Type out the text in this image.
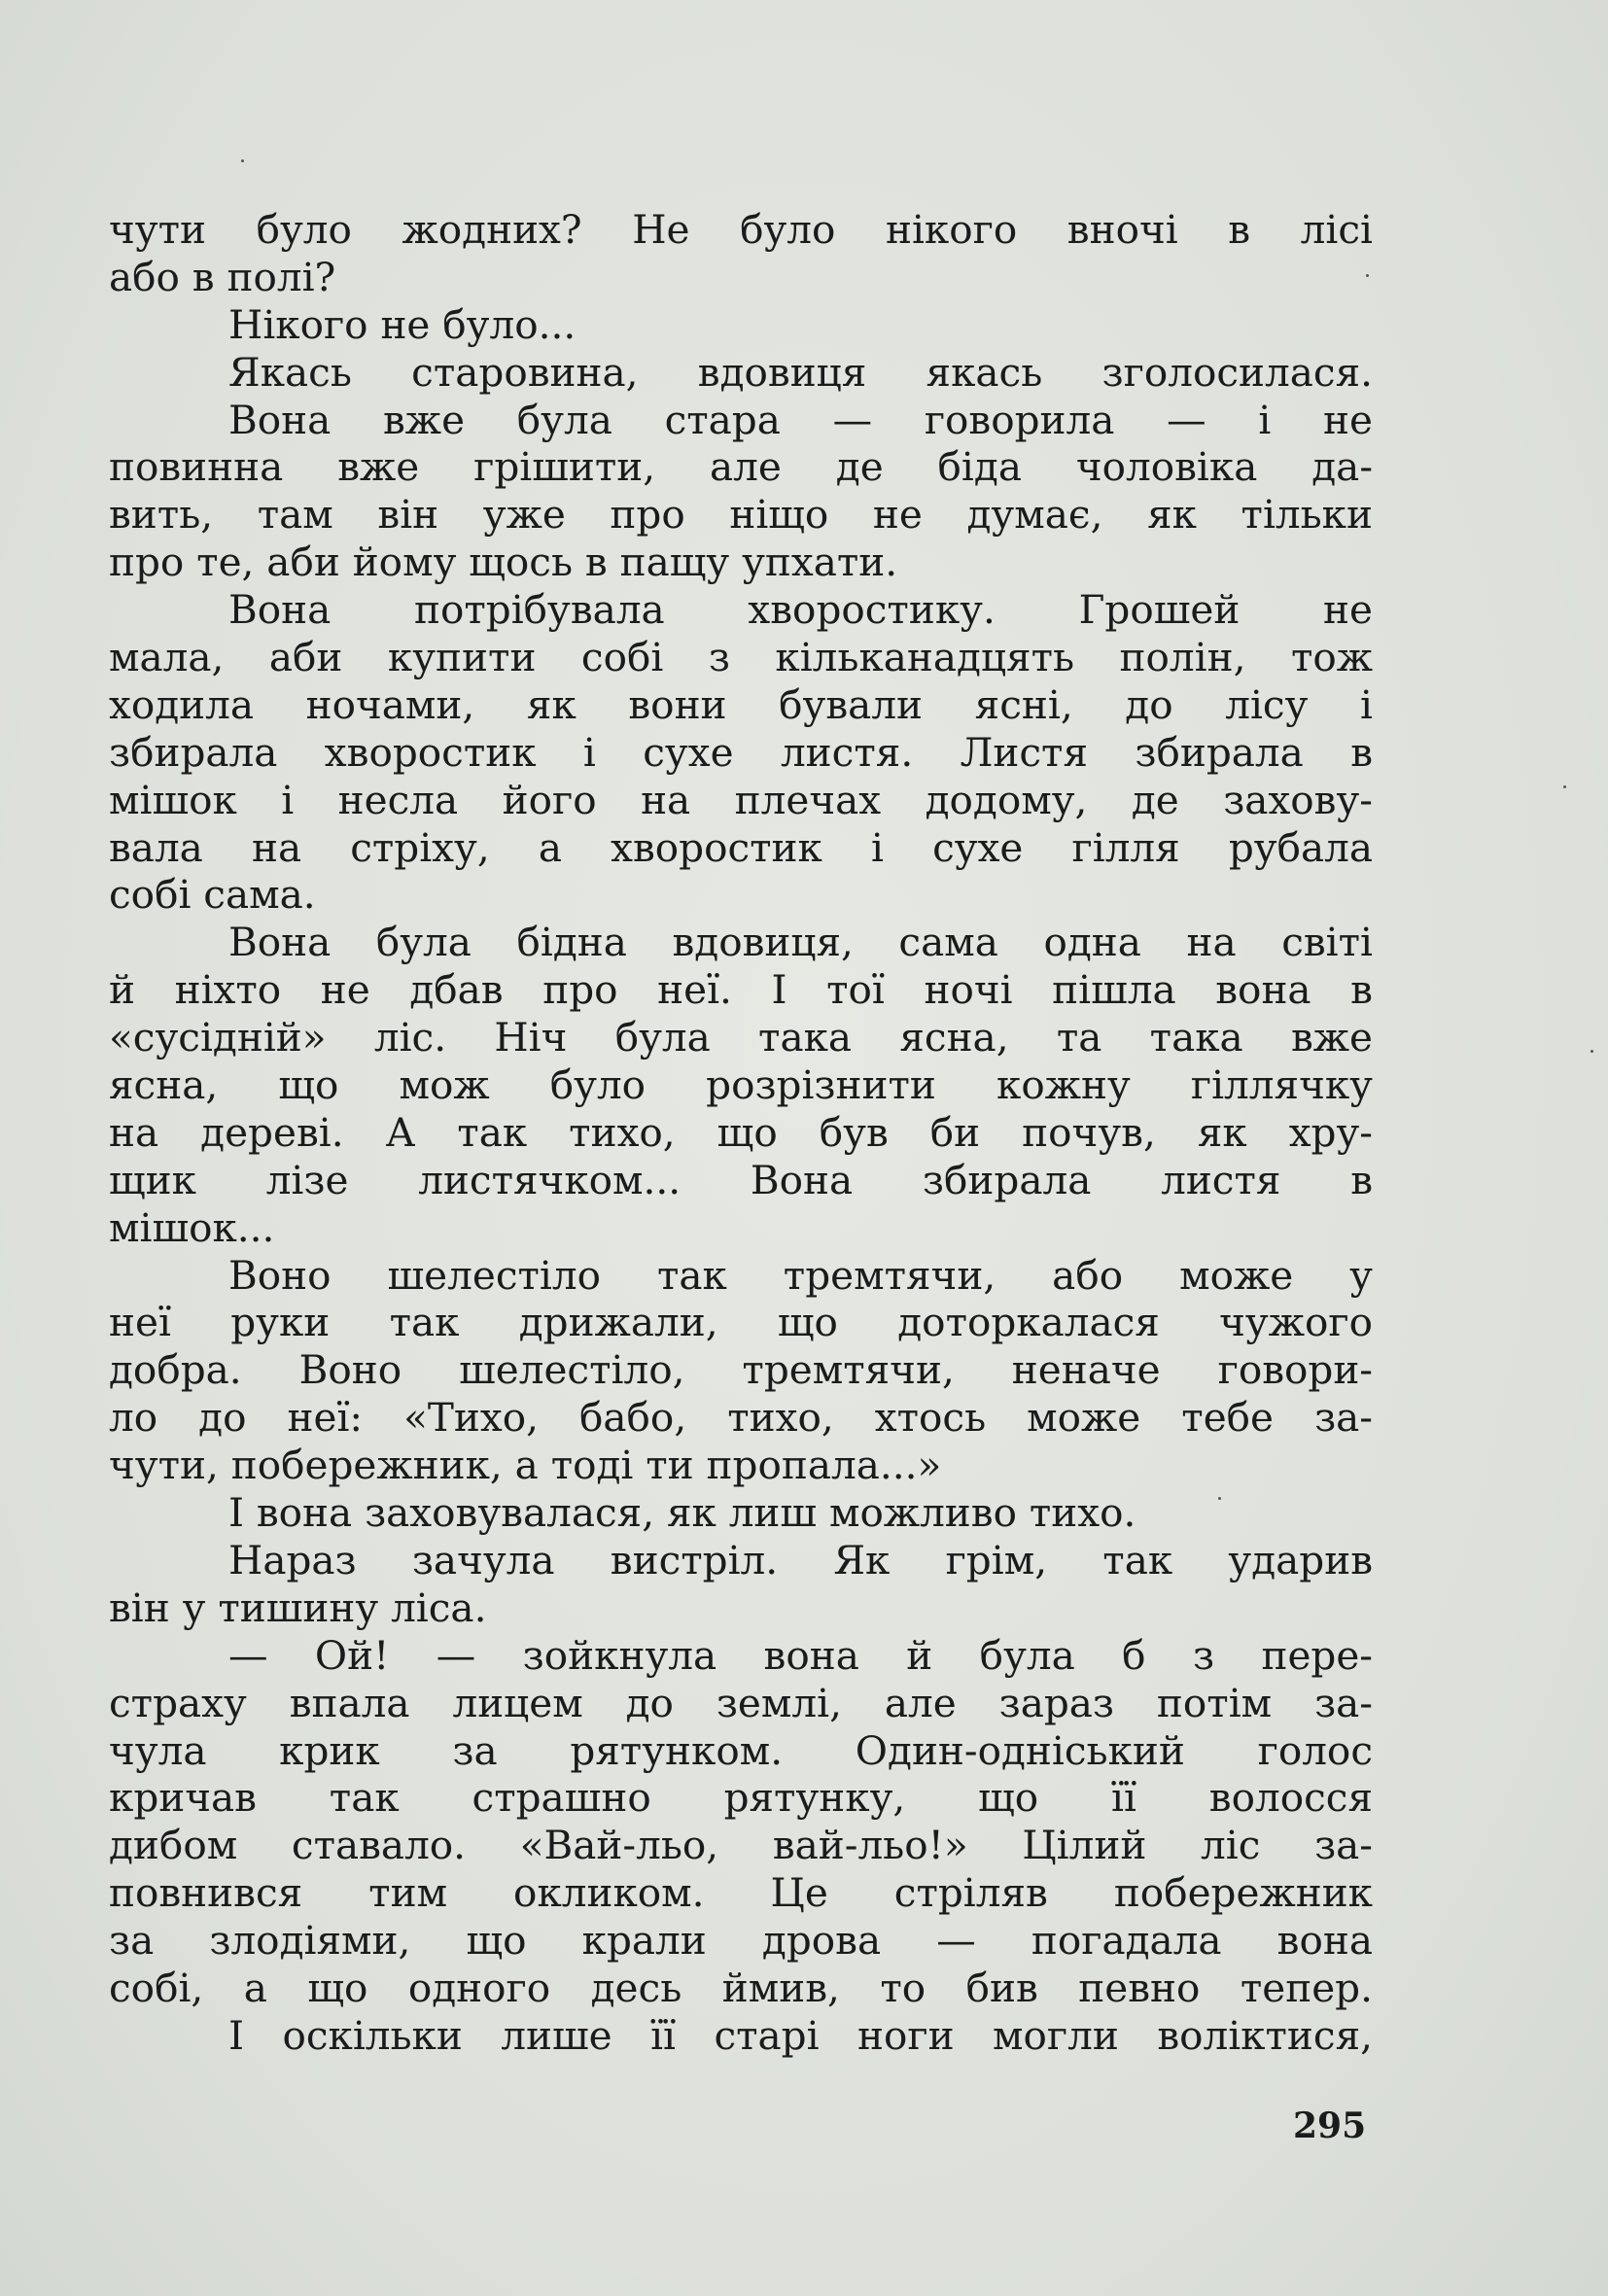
чути було жодних? Не було нікого вночі в лісі
або в полі?
Нікого не було...
Якась старовина, вдовиця якась зголосилася.
Вона вже була стара — говорила — і не
повинна вже грішити, але де біда чоловіка да-
вить, там він уже про ніщо не думає, як тільки
про те, аби йому щось в пащу упхати.
Вона потрібувала хворостику. Грошей не
мала, аби купити собі з кільканадцять полін, тож
ходила ночами, як вони бували ясні, до лісу і
збирала хворостик і сухе листя. Листя збирала в
мішок і несла його на плечах додому, де захову-
вала на стріху, а хворостик і сухе гілля рубала
собі сама.
Вона була бідна вдовиця, сама одна на світі
й ніхто не дбав про неї. І тої ночі пішла вона в
«сусідній» ліс. Ніч була така ясна, та така вже
ясна, що мож було розрізнити кожну гіллячку
на дереві. А так тихо, що був би почув, як хру-
щик лізе листячком... Вона збирала листя в
мішок...
Воно шелестіло так тремтячи, або може у
неї руки так дрижали, що доторкалася чужого
добра. Воно шелестіло, тремтячи, неначе говори-
ло до неї: «Тихо, бабо, тихо, хтось може тебе за-
чути, побережник, а тоді ти пропала...»
І вона заховувалася, як лиш можливо тихо.
Нараз зачула вистріл. Як грім, так ударив
він у тишину ліса.
— Ой! — зойкнула вона й була б з пере-
страху впала лицем до землі, але зараз потім за-
чула крик за рятунком. Один-одніський голос
кричав так страшно рятунку, що її волосся
дибом ставало. «Вай-льо, вай-льо!» Цілий ліс за-
повнився тим окликом. Це стріляв побережник
за злодіями, що крали дрова — погадала вона
собі, а що одного десь ймив, то бив певно тепер.
І оскільки лише її старі ноги могли воліктися,
295
